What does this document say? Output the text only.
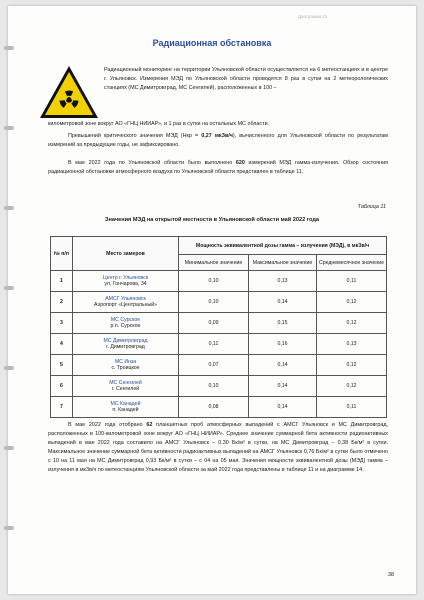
Диаграмма 11
Радиационная обстановка

Радиационный мониторинг на территории Ульяновской области осуществляется на 6 метеостанциях и в центре г. Ульяновск. Измерения МЭД по Ульяновской области проводятся 8 раз в сутки на 2 метеорологических станциях (МС Димитровград, МС Сенгилей), расположенных в 100 –

километровой зоне вокруг АО «ГНЦ НИИАР», и 1 раз в сутки на остальных МС области.

Превышений критического значения МЭД (Нкр = 0,27 мкЗв/ч), вычисленного для Ульяновской области по результатам измерений за предыдущие годы, не зафиксировано.

В мае 2022 года по Ульяновской области было выполнено 620 измерений МЭД гамма-излучения. Обзор состояния радиационной обстановки атмосферного воздуха по Ульяновской области представлен в таблице 11.

Таблица 11
Значения МЭД на открытой местности в Ульяновской области май 2022 года
№ п/п	Место замеров	Мощность эквивалентной дозы гамма – излучения (МЭД), в мкЗв/ч		
		Минимальное значение	Максимальное значение	Среднемесячное значение
1	Центр г. Ульяновск
ул. Гончарова, 34	0,10	0,13	0,11
2	АМСГ Ульяновск
Аэропорт «Центральный»	0,10	0,14	0,12
3	МС Сурское
р.п. Сурское	0,09	0,15	0,12
4	МС Димитровград
г. Димитровград	0,11	0,16	0,13
5	МС Инза
с. Троицкое	0,07	0,14	0,12
6	МС Сенгилей
г. Сенгилей	0,10	0,14	0,12
7	МС Канадей
п. Канадей	0,08	0,14	0,11

В мае 2022 года отобрано 62 планшетных проб атмосферных выпадений с АМСГ Ульяновск и МС Димитровград, расположенных в 100-километровой зоне вокруг АО «ГНЦ НИИАР». Среднее значение суммарной бета активности радиоактивных выпадений в мае 2022 года составило на АМСГ Ульяновск – 0,30 Бк/м² в сутки, на МС Димитровград – 0,38 Бк/м² в сутки. Максимальное значение суммарной бета активности радиоактивных выпадений на АМСГ Ульяновск 0,76 Бк/м² в сутки было отмечено с 10 на 11 мая на МС Димитровград 0,93 Бк/м² в сутки – с 04 на 05 мая. Значения мощности эквивалентной дозы (МЭД) гамма – излучения в мкЗв/ч по метеостанциям Ульяновской области за май 2022 года представлены в таблице 11 и на диаграмме 14.

38
